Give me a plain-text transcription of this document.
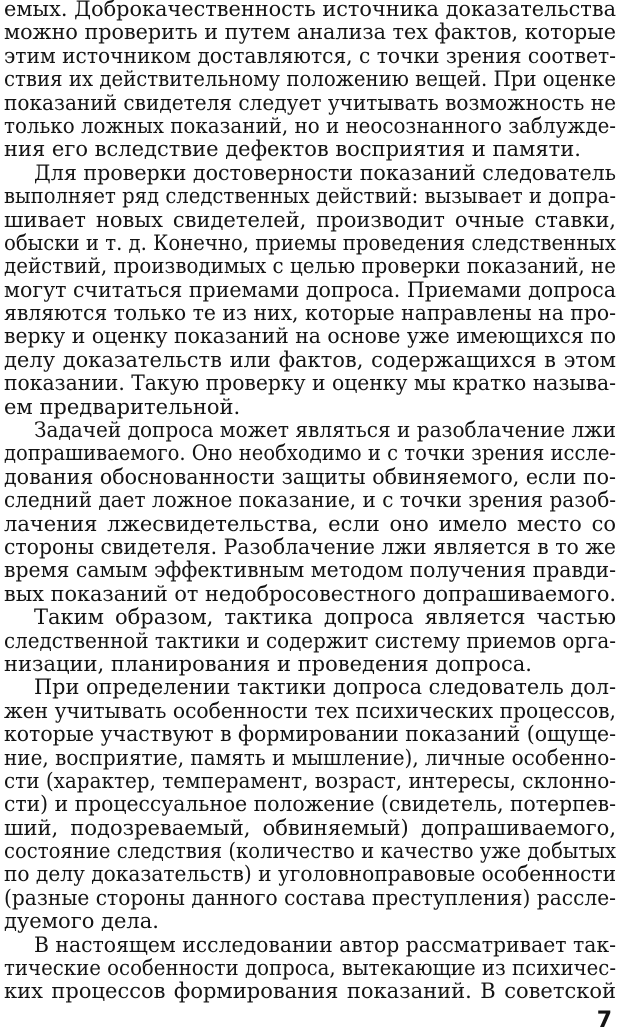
емых. Доброкачественность источника доказательства
можно проверить и путем анализа тех фактов, которые
этим источником доставляются, с точки зрения соответ-
ствия их действительному положению вещей. При оценке
показаний свидетеля следует учитывать возможность не
только ложных показаний, но и неосознанного заблужде-
ния его вследствие дефектов восприятия и памяти.
Для проверки достоверности показаний следователь
выполняет ряд следственных действий: вызывает и допра-
шивает новых свидетелей, производит очные ставки,
обыски и т. д. Конечно, приемы проведения следственных
действий, производимых с целью проверки показаний, не
могут считаться приемами допроса. Приемами допроса
являются только те из них, которые направлены на про-
верку и оценку показаний на основе уже имеющихся по
делу доказательств или фактов, содержащихся в этом
показании. Такую проверку и оценку мы кратко называ-
ем предварительной.
Задачей допроса может являться и разоблачение лжи
допрашиваемого. Оно необходимо и с точки зрения иссле-
дования обоснованности защиты обвиняемого, если по-
следний дает ложное показание, и с точки зрения разоб-
лачения лжесвидетельства, если оно имело место со
стороны свидетеля. Разоблачение лжи является в то же
время самым эффективным методом получения правди-
вых показаний от недобросовестного допрашиваемого.
Таким образом, тактика допроса является частью
следственной тактики и содержит систему приемов орга-
низации, планирования и проведения допроса.
При определении тактики допроса следователь дол-
жен учитывать особенности тех психических процессов,
которые участвуют в формировании показаний (ощуще-
ние, восприятие, память и мышление), личные особенно-
сти (характер, темперамент, возраст, интересы, склонно-
сти) и процессуальное положение (свидетель, потерпев-
ший, подозреваемый, обвиняемый) допрашиваемого,
состояние следствия (количество и качество уже добытых
по делу доказательств) и уголовноправовые особенности
(разные стороны данного состава преступления) рассле-
дуемого дела.
В настоящем исследовании автор рассматривает так-
тические особенности допроса, вытекающие из психичес-
ких процессов формирования показаний. В советской
7
